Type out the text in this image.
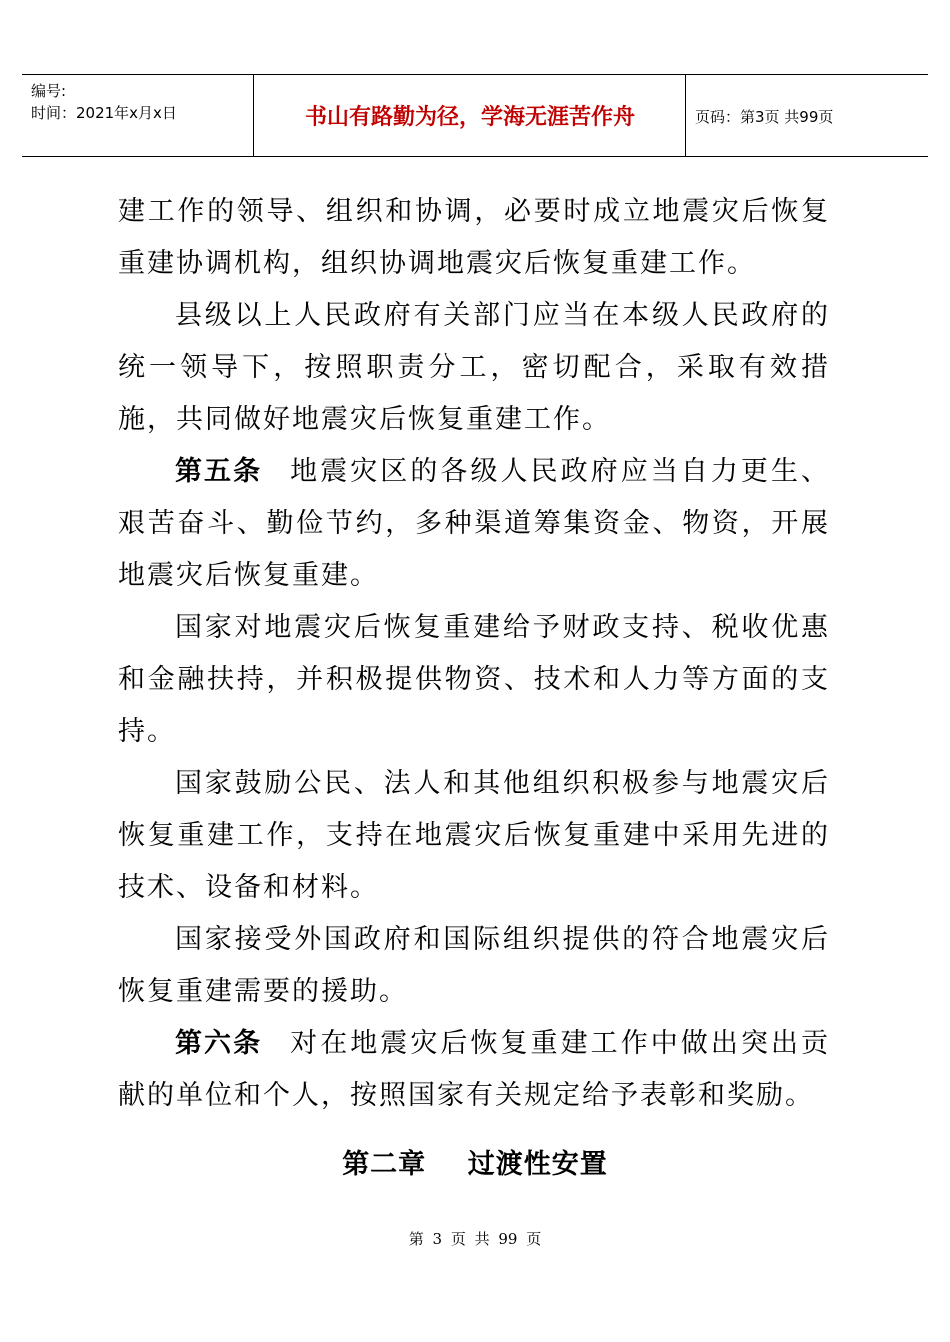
编号:
时间：2021年x月x日	书山有路勤为径，学海无涯苦作舟	页码：第3页 共99页

建工作的领导、组织和协调，必要时成立地震灾后恢复重建协调机构，组织协调地震灾后恢复重建工作。

县级以上人民政府有关部门应当在本级人民政府的统一领导下，按照职责分工，密切配合，采取有效措施，共同做好地震灾后恢复重建工作。

第五条 地震灾区的各级人民政府应当自力更生、艰苦奋斗、勤俭节约，多种渠道筹集资金、物资，开展地震灾后恢复重建。

国家对地震灾后恢复重建给予财政支持、税收优惠和金融扶持，并积极提供物资、技术和人力等方面的支持。

国家鼓励公民、法人和其他组织积极参与地震灾后恢复重建工作，支持在地震灾后恢复重建中采用先进的技术、设备和材料。

国家接受外国政府和国际组织提供的符合地震灾后恢复重建需要的援助。

第六条 对在地震灾后恢复重建工作中做出突出贡献的单位和个人，按照国家有关规定给予表彰和奖励。

第二章    过渡性安置
第 3 页 共 99 页
